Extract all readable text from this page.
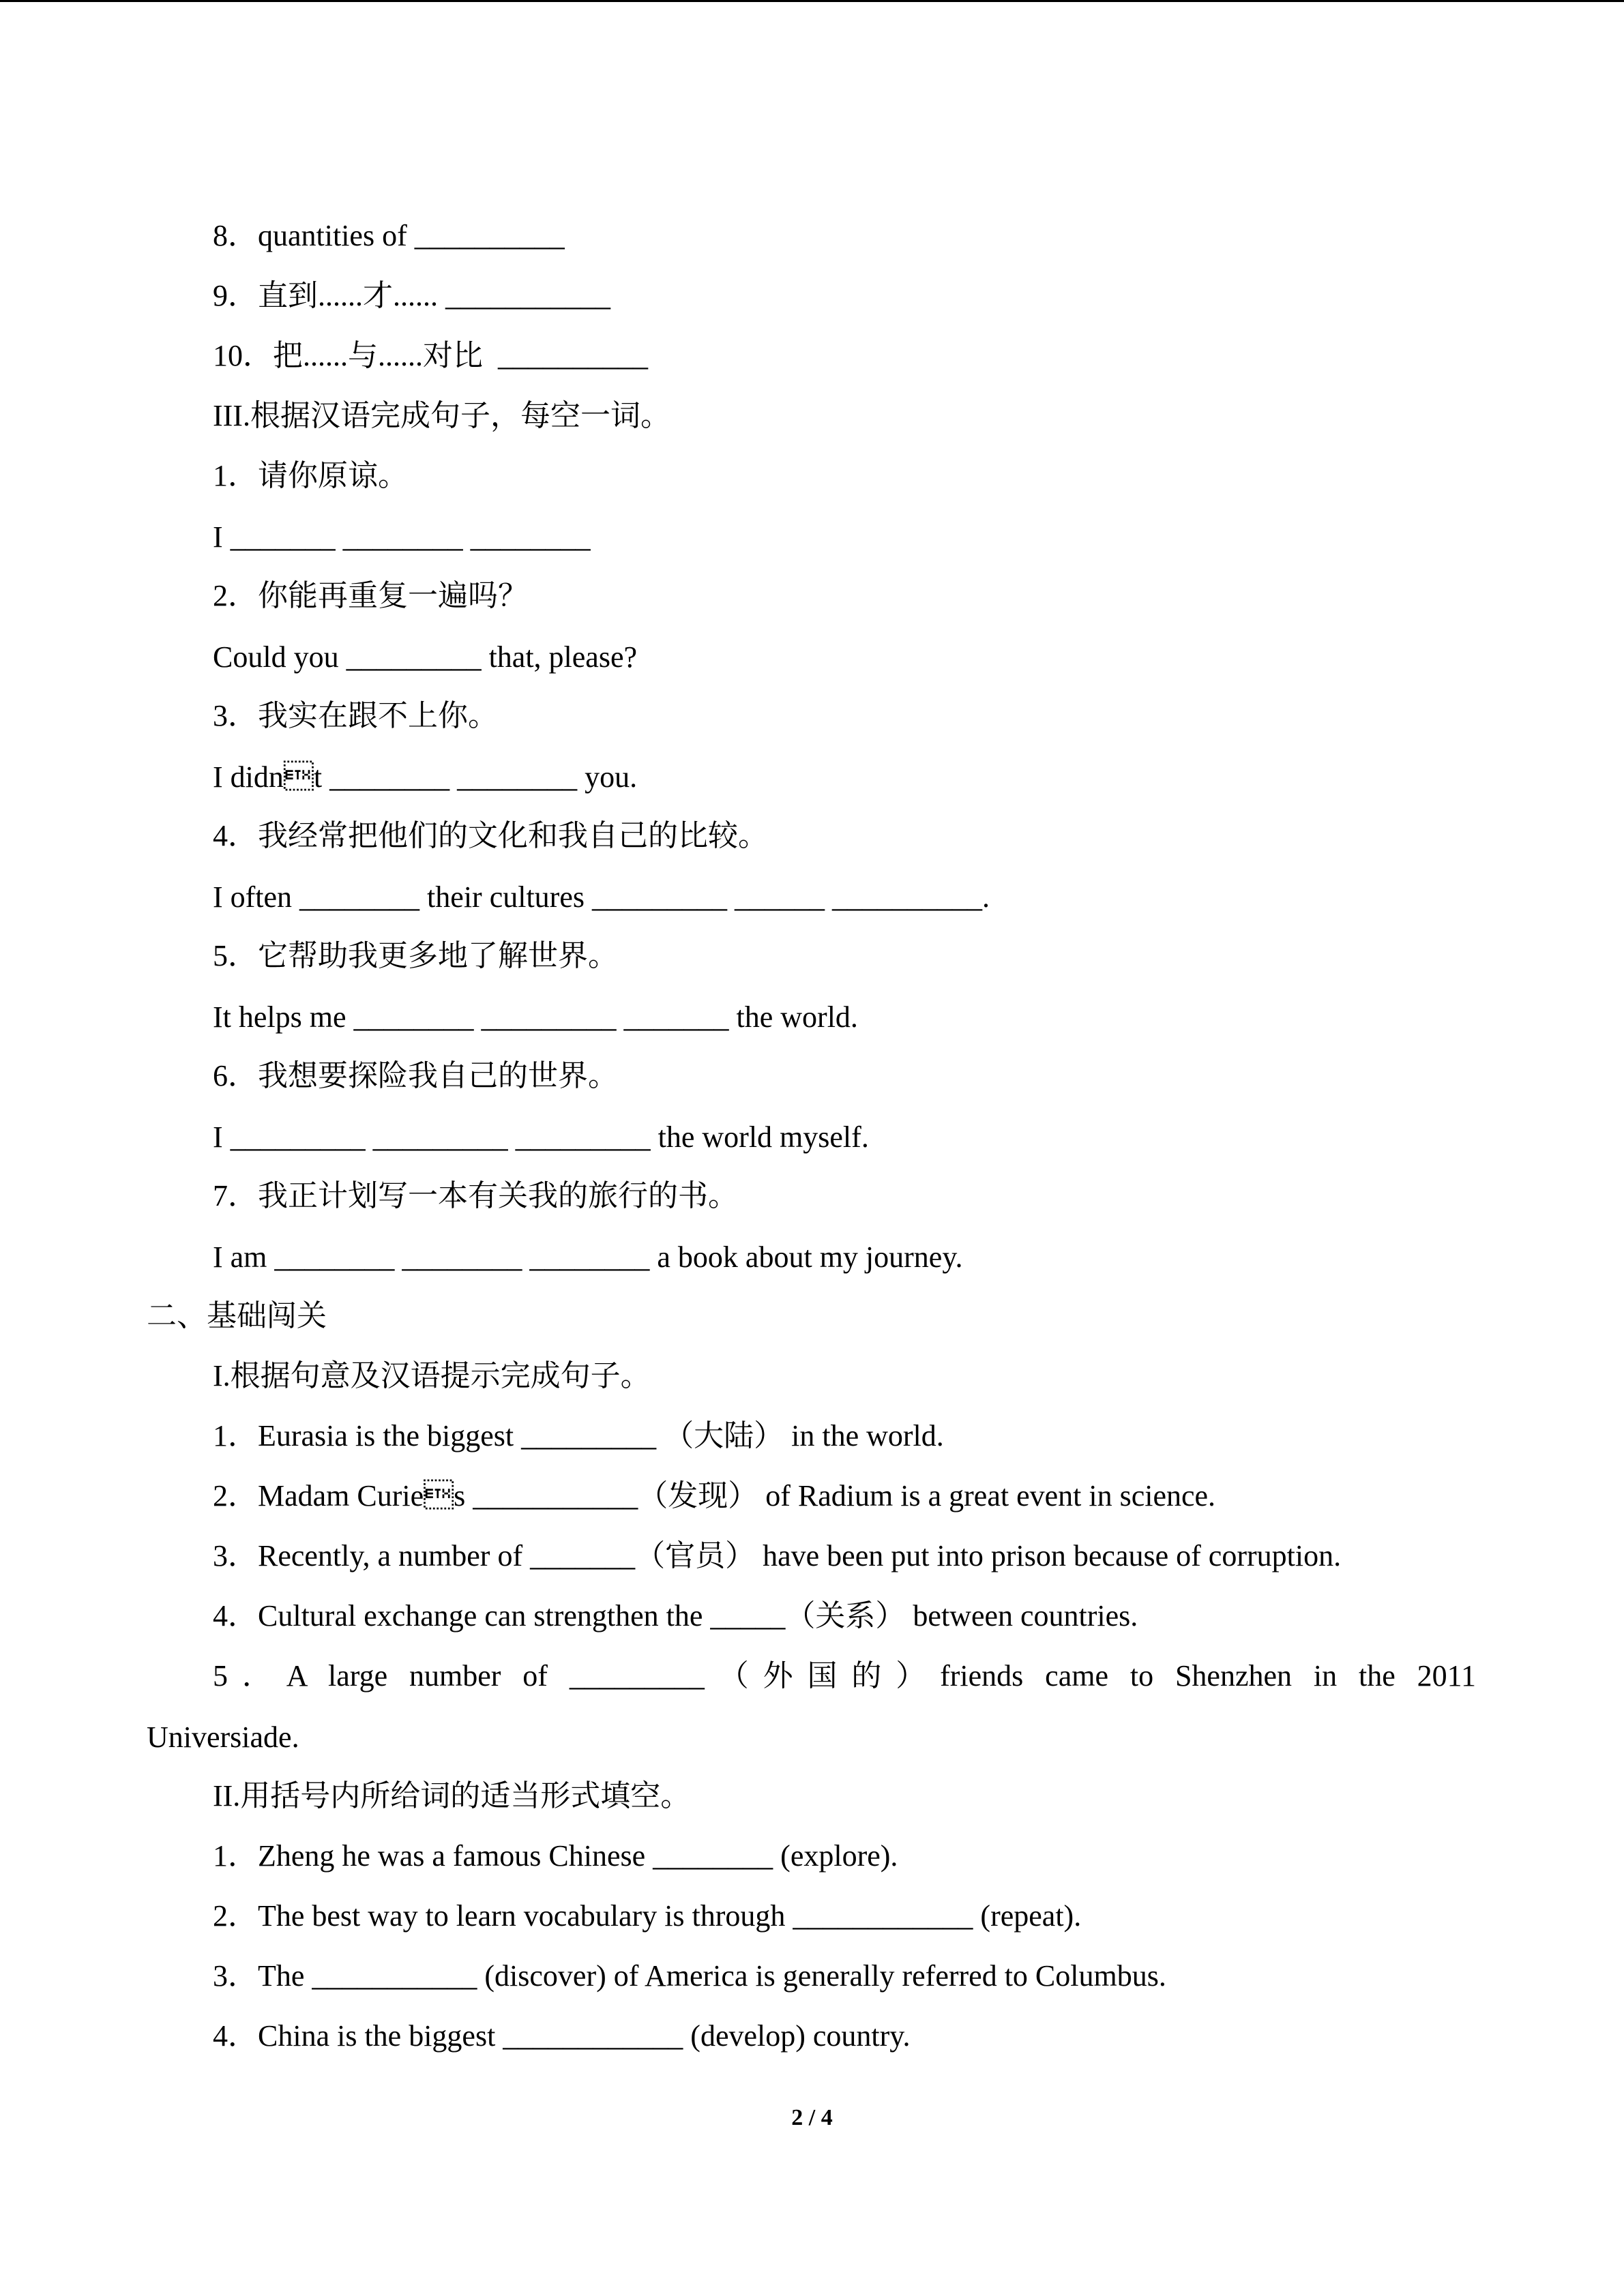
8．quantities of __________
9．直到......才...... ___________
10．把......与......对比  __________
III.根据汉语完成句子，每空一词。
1．请你原谅。
I _______ ________ ________
2．你能再重复一遍吗？
Could you _________ that, please?
3．我实在跟不上你。
I didnt ________ ________ you.
4．我经常把他们的文化和我自己的比较。
I often ________ their cultures _________ ______ __________.
5．它帮助我更多地了解世界。
It helps me ________ _________ _______ the world.
6．我想要探险我自己的世界。
I _________ _________ _________ the world myself.
7．我正计划写一本有关我的旅行的书。
I am ________ ________ ________ a book about my journey.
二、基础闯关
I.根据句意及汉语提示完成句子。
1．Eurasia is the biggest _________ （大陆） in the world.
2．Madam Curies ___________（发现） of Radium is a great event in science.
3．Recently, a number of _______（官员） have been put into prison because of corruption.
4．Cultural exchange can strengthen the _____（关系） between countries.
5．A large number of _________（外国的）friends came to Shenzhen in the 2011
Universiade.
II.用括号内所给词的适当形式填空。
1．Zheng he was a famous Chinese ________ (explore).
2．The best way to learn vocabulary is through ____________ (repeat).
3．The ___________ (discover) of America is generally referred to Columbus.
4．China is the biggest ____________ (develop) country.
2 / 4
